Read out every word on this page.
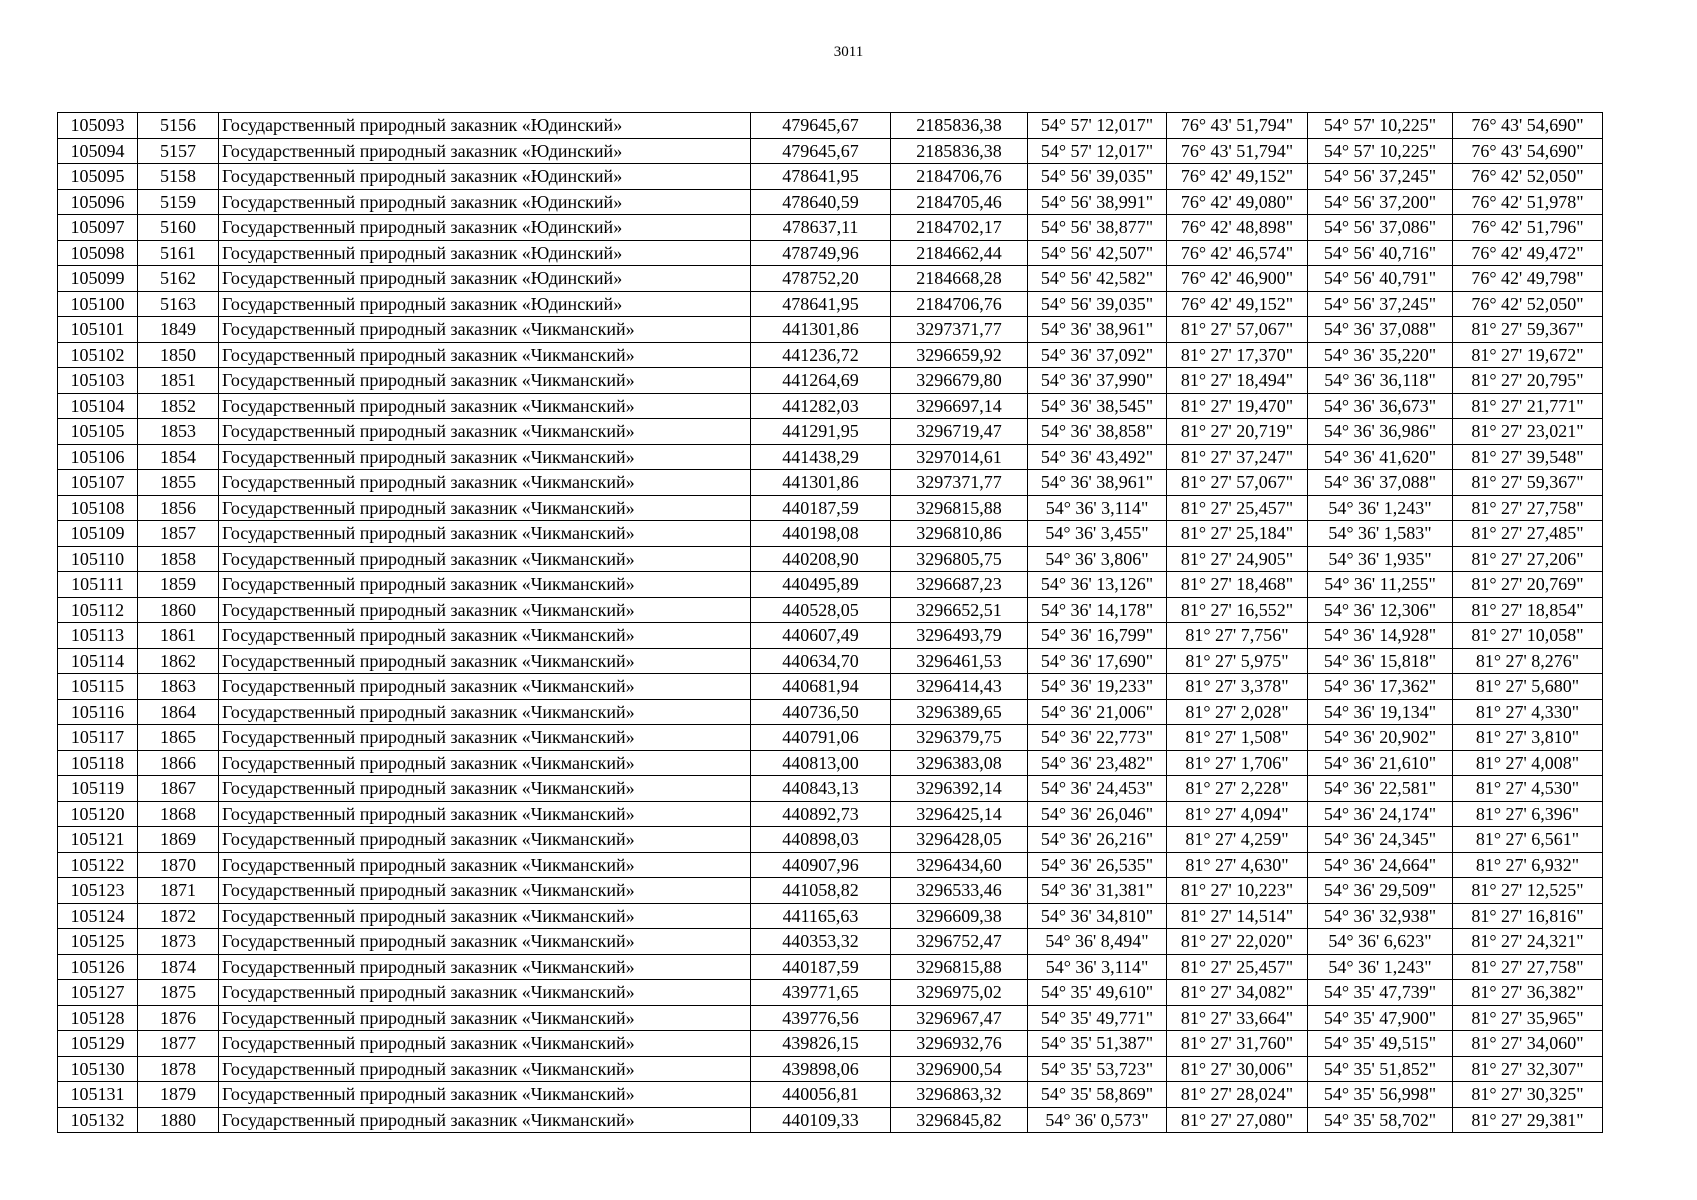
3011
105093	5156	Государственный природный заказник «Юдинский»	479645,67	2185836,38	54° 57' 12,017"	76° 43' 51,794"	54° 57' 10,225"	76° 43' 54,690"
105094	5157	Государственный природный заказник «Юдинский»	479645,67	2185836,38	54° 57' 12,017"	76° 43' 51,794"	54° 57' 10,225"	76° 43' 54,690"
105095	5158	Государственный природный заказник «Юдинский»	478641,95	2184706,76	54° 56' 39,035"	76° 42' 49,152"	54° 56' 37,245"	76° 42' 52,050"
105096	5159	Государственный природный заказник «Юдинский»	478640,59	2184705,46	54° 56' 38,991"	76° 42' 49,080"	54° 56' 37,200"	76° 42' 51,978"
105097	5160	Государственный природный заказник «Юдинский»	478637,11	2184702,17	54° 56' 38,877"	76° 42' 48,898"	54° 56' 37,086"	76° 42' 51,796"
105098	5161	Государственный природный заказник «Юдинский»	478749,96	2184662,44	54° 56' 42,507"	76° 42' 46,574"	54° 56' 40,716"	76° 42' 49,472"
105099	5162	Государственный природный заказник «Юдинский»	478752,20	2184668,28	54° 56' 42,582"	76° 42' 46,900"	54° 56' 40,791"	76° 42' 49,798"
105100	5163	Государственный природный заказник «Юдинский»	478641,95	2184706,76	54° 56' 39,035"	76° 42' 49,152"	54° 56' 37,245"	76° 42' 52,050"
105101	1849	Государственный природный заказник «Чикманский»	441301,86	3297371,77	54° 36' 38,961"	81° 27' 57,067"	54° 36' 37,088"	81° 27' 59,367"
105102	1850	Государственный природный заказник «Чикманский»	441236,72	3296659,92	54° 36' 37,092"	81° 27' 17,370"	54° 36' 35,220"	81° 27' 19,672"
105103	1851	Государственный природный заказник «Чикманский»	441264,69	3296679,80	54° 36' 37,990"	81° 27' 18,494"	54° 36' 36,118"	81° 27' 20,795"
105104	1852	Государственный природный заказник «Чикманский»	441282,03	3296697,14	54° 36' 38,545"	81° 27' 19,470"	54° 36' 36,673"	81° 27' 21,771"
105105	1853	Государственный природный заказник «Чикманский»	441291,95	3296719,47	54° 36' 38,858"	81° 27' 20,719"	54° 36' 36,986"	81° 27' 23,021"
105106	1854	Государственный природный заказник «Чикманский»	441438,29	3297014,61	54° 36' 43,492"	81° 27' 37,247"	54° 36' 41,620"	81° 27' 39,548"
105107	1855	Государственный природный заказник «Чикманский»	441301,86	3297371,77	54° 36' 38,961"	81° 27' 57,067"	54° 36' 37,088"	81° 27' 59,367"
105108	1856	Государственный природный заказник «Чикманский»	440187,59	3296815,88	54° 36' 3,114"	81° 27' 25,457"	54° 36' 1,243"	81° 27' 27,758"
105109	1857	Государственный природный заказник «Чикманский»	440198,08	3296810,86	54° 36' 3,455"	81° 27' 25,184"	54° 36' 1,583"	81° 27' 27,485"
105110	1858	Государственный природный заказник «Чикманский»	440208,90	3296805,75	54° 36' 3,806"	81° 27' 24,905"	54° 36' 1,935"	81° 27' 27,206"
105111	1859	Государственный природный заказник «Чикманский»	440495,89	3296687,23	54° 36' 13,126"	81° 27' 18,468"	54° 36' 11,255"	81° 27' 20,769"
105112	1860	Государственный природный заказник «Чикманский»	440528,05	3296652,51	54° 36' 14,178"	81° 27' 16,552"	54° 36' 12,306"	81° 27' 18,854"
105113	1861	Государственный природный заказник «Чикманский»	440607,49	3296493,79	54° 36' 16,799"	81° 27' 7,756"	54° 36' 14,928"	81° 27' 10,058"
105114	1862	Государственный природный заказник «Чикманский»	440634,70	3296461,53	54° 36' 17,690"	81° 27' 5,975"	54° 36' 15,818"	81° 27' 8,276"
105115	1863	Государственный природный заказник «Чикманский»	440681,94	3296414,43	54° 36' 19,233"	81° 27' 3,378"	54° 36' 17,362"	81° 27' 5,680"
105116	1864	Государственный природный заказник «Чикманский»	440736,50	3296389,65	54° 36' 21,006"	81° 27' 2,028"	54° 36' 19,134"	81° 27' 4,330"
105117	1865	Государственный природный заказник «Чикманский»	440791,06	3296379,75	54° 36' 22,773"	81° 27' 1,508"	54° 36' 20,902"	81° 27' 3,810"
105118	1866	Государственный природный заказник «Чикманский»	440813,00	3296383,08	54° 36' 23,482"	81° 27' 1,706"	54° 36' 21,610"	81° 27' 4,008"
105119	1867	Государственный природный заказник «Чикманский»	440843,13	3296392,14	54° 36' 24,453"	81° 27' 2,228"	54° 36' 22,581"	81° 27' 4,530"
105120	1868	Государственный природный заказник «Чикманский»	440892,73	3296425,14	54° 36' 26,046"	81° 27' 4,094"	54° 36' 24,174"	81° 27' 6,396"
105121	1869	Государственный природный заказник «Чикманский»	440898,03	3296428,05	54° 36' 26,216"	81° 27' 4,259"	54° 36' 24,345"	81° 27' 6,561"
105122	1870	Государственный природный заказник «Чикманский»	440907,96	3296434,60	54° 36' 26,535"	81° 27' 4,630"	54° 36' 24,664"	81° 27' 6,932"
105123	1871	Государственный природный заказник «Чикманский»	441058,82	3296533,46	54° 36' 31,381"	81° 27' 10,223"	54° 36' 29,509"	81° 27' 12,525"
105124	1872	Государственный природный заказник «Чикманский»	441165,63	3296609,38	54° 36' 34,810"	81° 27' 14,514"	54° 36' 32,938"	81° 27' 16,816"
105125	1873	Государственный природный заказник «Чикманский»	440353,32	3296752,47	54° 36' 8,494"	81° 27' 22,020"	54° 36' 6,623"	81° 27' 24,321"
105126	1874	Государственный природный заказник «Чикманский»	440187,59	3296815,88	54° 36' 3,114"	81° 27' 25,457"	54° 36' 1,243"	81° 27' 27,758"
105127	1875	Государственный природный заказник «Чикманский»	439771,65	3296975,02	54° 35' 49,610"	81° 27' 34,082"	54° 35' 47,739"	81° 27' 36,382"
105128	1876	Государственный природный заказник «Чикманский»	439776,56	3296967,47	54° 35' 49,771"	81° 27' 33,664"	54° 35' 47,900"	81° 27' 35,965"
105129	1877	Государственный природный заказник «Чикманский»	439826,15	3296932,76	54° 35' 51,387"	81° 27' 31,760"	54° 35' 49,515"	81° 27' 34,060"
105130	1878	Государственный природный заказник «Чикманский»	439898,06	3296900,54	54° 35' 53,723"	81° 27' 30,006"	54° 35' 51,852"	81° 27' 32,307"
105131	1879	Государственный природный заказник «Чикманский»	440056,81	3296863,32	54° 35' 58,869"	81° 27' 28,024"	54° 35' 56,998"	81° 27' 30,325"
105132	1880	Государственный природный заказник «Чикманский»	440109,33	3296845,82	54° 36' 0,573"	81° 27' 27,080"	54° 35' 58,702"	81° 27' 29,381"
